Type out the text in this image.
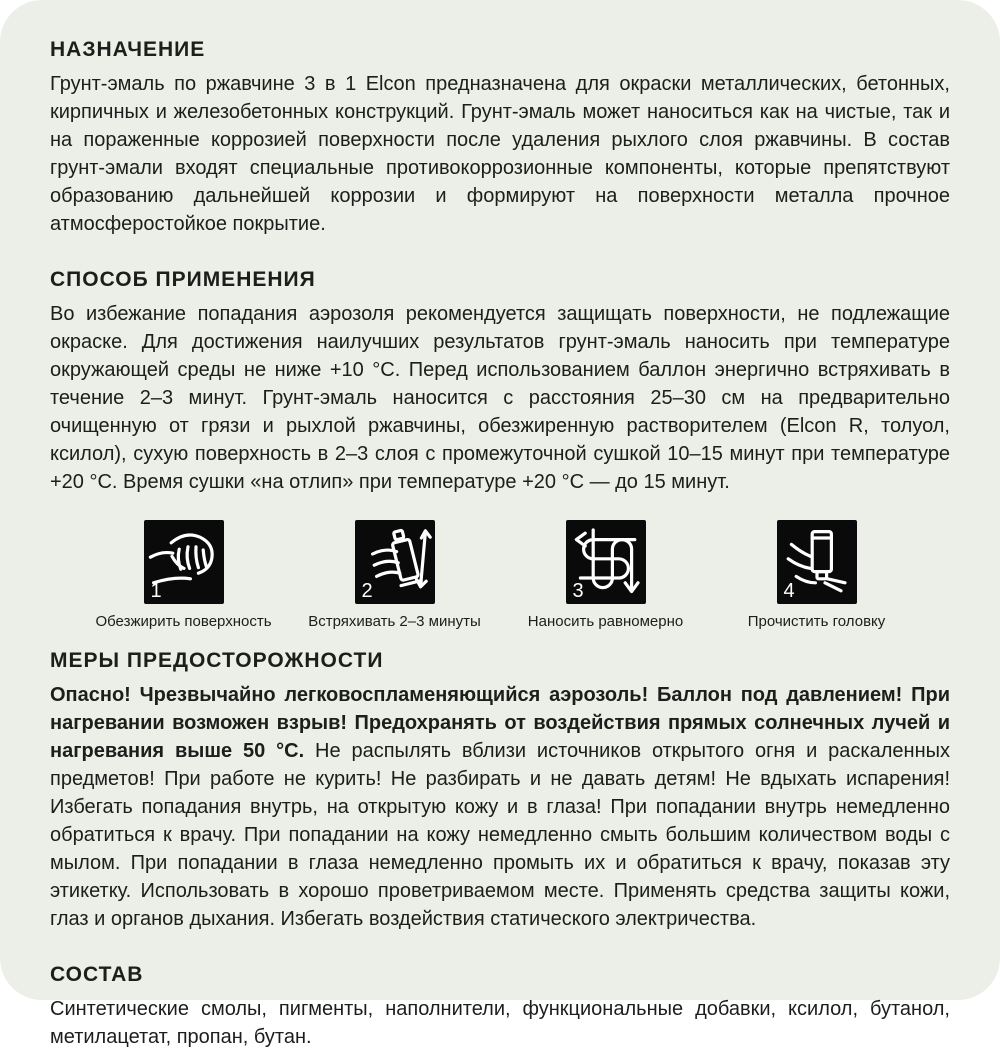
НАЗНАЧЕНИЕ

Грунт-эмаль по ржавчине 3 в 1 Elcon предназначена для окраски металлических, бетонных, кирпичных и железобетонных конструкций. Грунт-эмаль может наноситься как на чистые, так и на пораженные коррозией поверхности после удаления рыхлого слоя ржавчины. В состав грунт-эмали входят специальные противокоррозионные компоненты, которые препятствуют образованию дальнейшей коррозии и формируют на поверхности металла прочное атмосферостойкое покрытие.

СПОСОБ ПРИМЕНЕНИЯ

Во избежание попадания аэрозоля рекомендуется защищать поверхности, не подлежащие окраске. Для достижения наилучших результатов грунт-эмаль наносить при температуре окружающей среды не ниже +10 °C. Перед использованием баллон энергично встряхивать в течение 2–3 минут. Грунт-эмаль наносится с расстояния 25–30 см на предварительно очищенную от грязи и рыхлой ржавчины, обезжиренную растворителем (Elcon R, толуол, ксилол), сухую поверхность в 2–3 слоя с промежуточной сушкой 10–15 минут при температуре +20 °C. Время сушки «на отлип» при температуре +20 °C — до 15 минут.

1
Обезжирить поверхность
2
Встряхивать 2–3 минуты
3
Наносить равномерно
4
Прочистить головку
МЕРЫ ПРЕДОСТОРОЖНОСТИ

Опасно! Чрезвычайно легковоспламеняющийся аэрозоль! Баллон под давлением! При нагревании возможен взрыв! Предохранять от воздействия прямых солнечных лучей и нагревания выше 50 °C. Не распылять вблизи источников открытого огня и раскаленных предметов! При работе не курить! Не разбирать и не давать детям! Не вдыхать испарения! Избегать попадания внутрь, на открытую кожу и в глаза! При попадании внутрь немедленно обратиться к врачу. При попадании на кожу немедленно смыть большим количеством воды с мылом. При попадании в глаза немедленно промыть их и обратиться к врачу, показав эту этикетку. Использовать в хорошо проветриваемом месте. Применять средства защиты кожи, глаз и органов дыхания. Избегать воздействия статического электричества.

СОСТАВ

Синтетические смолы, пигменты, наполнители, функциональные добавки, ксилол, бутанол, метилацетат, пропан, бутан.
